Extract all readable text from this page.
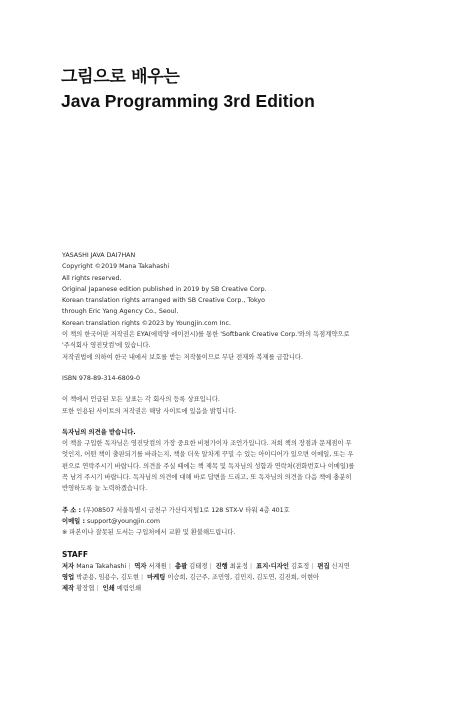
그림으로 배우는
Java Programming 3rd Edition
YASASHI JAVA DAI7HAN
Copyright ©2019 Mana Takahashi
All rights reserved.
Original Japanese edition published in 2019 by SB Creative Corp.
Korean translation rights arranged with SB Creative Corp., Tokyo
through Eric Yang Agency Co., Seoul.
Korean translation rights ©2023 by Youngjin.com Inc.
이 책의 한국어판 저작권은 EYA(에릭양 에이전시)를 통한 'Softbank Creative Corp.'와의 독점계약으로
'주식회사 영진닷컴'에 있습니다.
저작권법에 의하여 한국 내에서 보호를 받는 저작물이므로 무단 전재와 복제를 금합니다.
ISBN 978-89-314-6809-0
이 책에서 언급된 모든 상표는 각 회사의 등록 상표입니다.
또한 인용된 사이트의 저작권은 해당 사이트에 있음을 밝힙니다.
독자님의 의견을 받습니다.
이 책을 구입한 독자님은 영진닷컴의 가장 중요한 비평가이자 조언가입니다. 저희 책의 장점과 문제점이 무
엇인지, 어떤 책이 출판되기를 바라는지, 책을 더욱 알차게 꾸밀 수 있는 아이디어가 있으면 이메일, 또는 우
편으로 연락주시기 바랍니다. 의견을 주실 때에는 책 제목 및 독자님의 성함과 연락처(전화번호나 이메일)를
꼭 남겨 주시기 바랍니다. 독자님의 의견에 대해 바로 답변을 드리고, 또 독자님의 의견을 다음 책에 충분히
반영하도록 늘 노력하겠습니다.
주 소 : (우)08507 서울특별시 금천구 가산디지털1로 128 STX-V 타워 4층 401호
이메일 : support@youngjin.com
※ 파본이나 잘못된 도서는 구입처에서 교환 및 환불해드립니다.
STAFF
저자 Mana Takahashi | 역자 서재원 | 총괄 김태경 | 진행 최윤정 | 표지·디자인 김효정 | 편집 신지연
영업 박준용, 임용수, 김도현 | 마케팅 이승희, 김근주, 조민영, 김민지, 김도연, 김진희, 이현아
제작 황장협 | 인쇄 예림인쇄
